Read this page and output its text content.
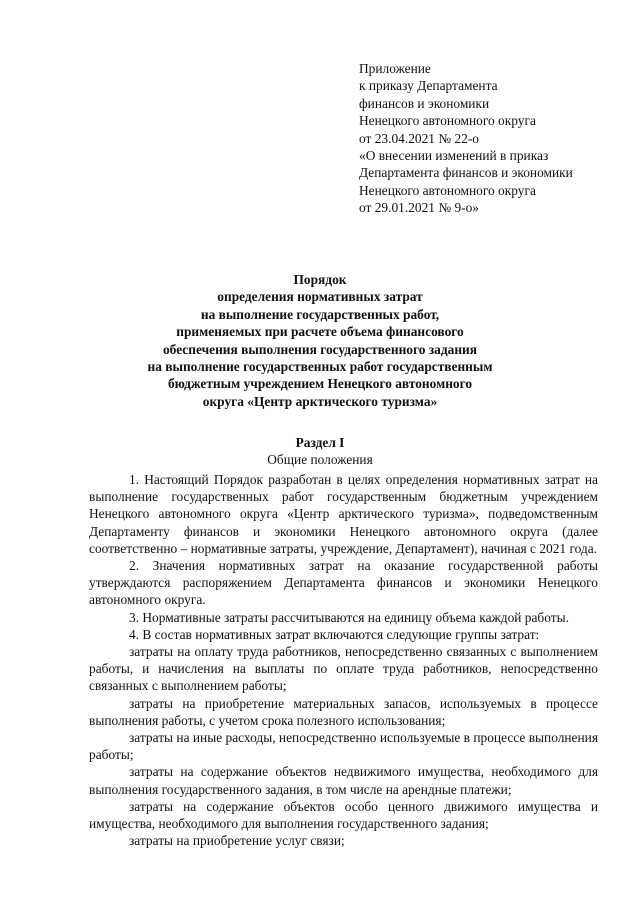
Приложение
к приказу Департамента
финансов и экономики
Ненецкого автономного округа
от 23.04.2021 № 22-о
«О внесении изменений в приказ
Департамента финансов и экономики
Ненецкого автономного округа
от 29.01.2021 № 9-о»
Порядок
определения нормативных затрат
на выполнение государственных работ,
применяемых при расчете объема финансового
обеспечения выполнения государственного задания
на выполнение государственных работ государственным
бюджетным учреждением Ненецкого автономного
округа «Центр арктического туризма»
Раздел I
Общие положения

1. Настоящий Порядок разработан в целях определения нормативных затрат на выполнение государственных работ государственным бюджетным учреждением Ненецкого автономного округа «Центр арктического туризма», подведомственным Департаменту финансов и экономики Ненецкого автономного округа (далее соответственно – нормативные затраты, учреждение, Департамент), начиная с 2021 года.

2. Значения нормативных затрат на оказание государственной работы утверждаются распоряжением Департамента финансов и экономики Ненецкого автономного округа.

3. Нормативные затраты рассчитываются на единицу объема каждой работы.

4. В состав нормативных затрат включаются следующие группы затрат:

затраты на оплату труда работников, непосредственно связанных с выполнением работы, и начисления на выплаты по оплате труда работников, непосредственно связанных с выполнением работы;

затраты на приобретение материальных запасов, используемых в процессе выполнения работы, с учетом срока полезного использования;

затраты на иные расходы, непосредственно используемые в процессе выполнения работы;

затраты на содержание объектов недвижимого имущества, необходимого для выполнения государственного задания, в том числе на арендные платежи;

затраты на содержание объектов особо ценного движимого имущества и имущества, необходимого для выполнения государственного задания;

затраты на приобретение услуг связи;
